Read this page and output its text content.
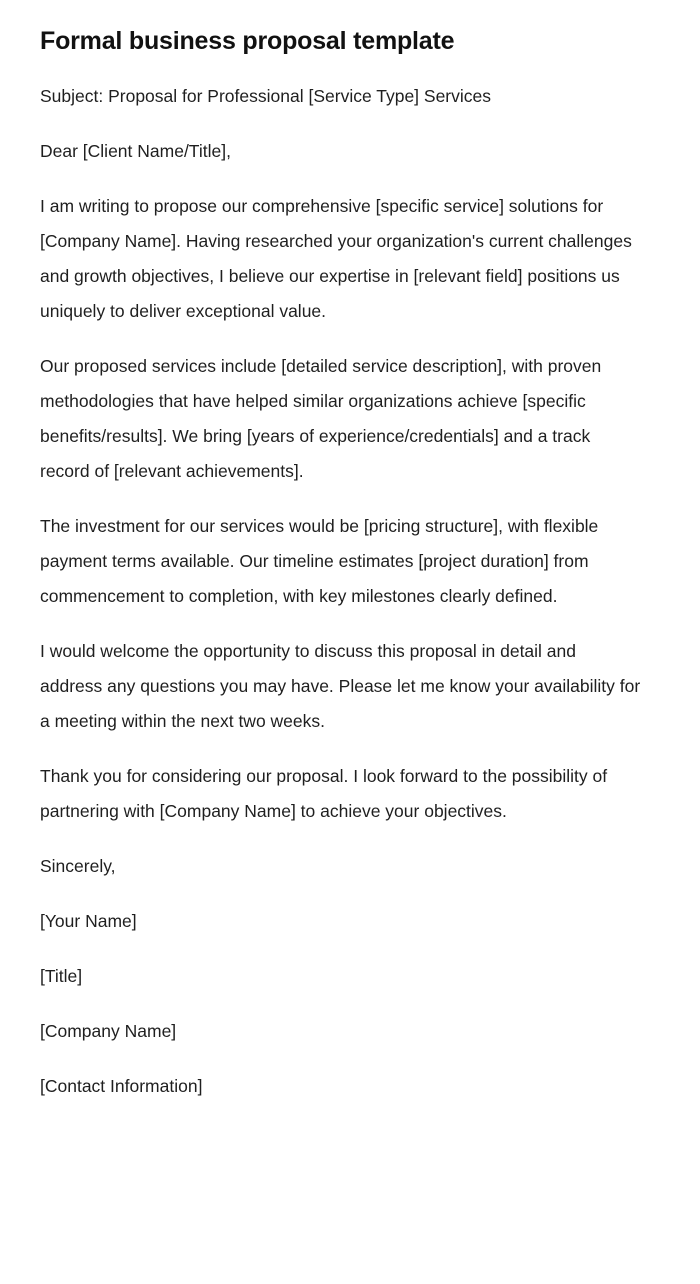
Formal business proposal template

Subject: Proposal for Professional [Service Type] Services

Dear [Client Name/Title],

I am writing to propose our comprehensive [specific service] solutions for [Company Name]. Having researched your organization's current challenges and growth objectives, I believe our expertise in [relevant field] positions us uniquely to deliver exceptional value.

Our proposed services include [detailed service description], with proven methodologies that have helped similar organizations achieve [specific benefits/results]. We bring [years of experience/credentials] and a track record of [relevant achievements].

The investment for our services would be [pricing structure], with flexible payment terms available. Our timeline estimates [project duration] from commencement to completion, with key milestones clearly defined.

I would welcome the opportunity to discuss this proposal in detail and address any questions you may have. Please let me know your availability for a meeting within the next two weeks.

Thank you for considering our proposal. I look forward to the possibility of partnering with [Company Name] to achieve your objectives.

Sincerely,

[Your Name]

[Title]

[Company Name]

[Contact Information]
